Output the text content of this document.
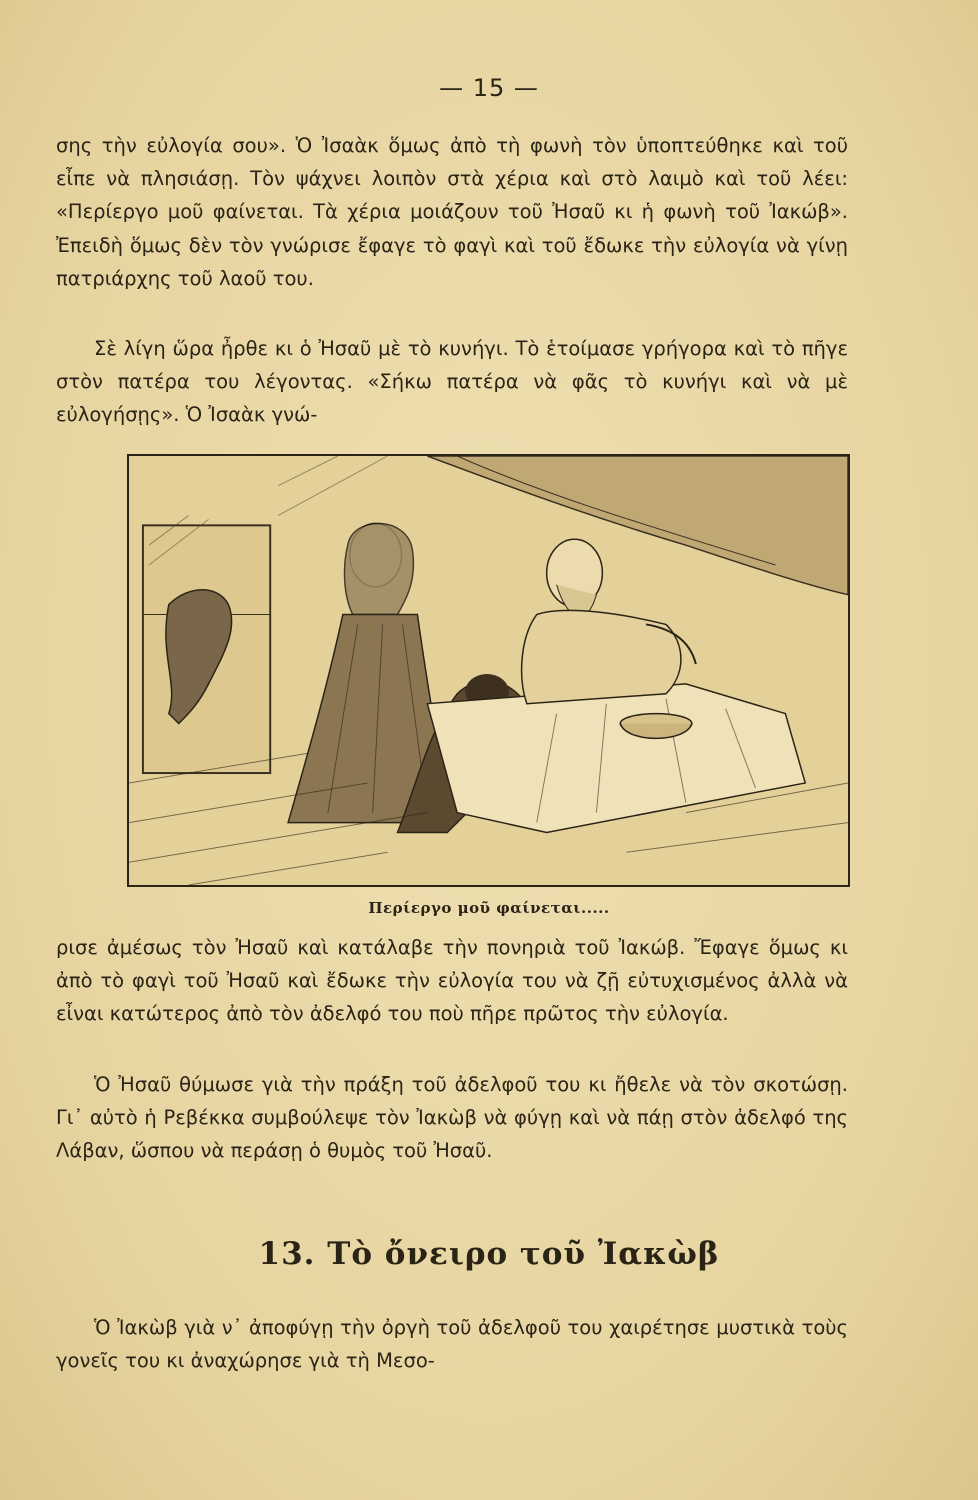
— 15 —

σης τὴν εὐλογία σου». Ὁ Ἰσαὰκ ὅμως ἀπὸ τὴ φωνὴ τὸν ὑποπτεύθηκε καὶ τοῦ εἶπε νὰ πλησιάσῃ. Τὸν ψάχνει λοιπὸν στὰ χέρια καὶ στὸ λαιμὸ καὶ τοῦ λέει: «Περίεργο μοῦ φαίνεται. Τὰ χέρια μοιάζουν τοῦ Ἠσαῦ κι ἡ φωνὴ τοῦ Ἰακώβ». Ἐπειδὴ ὅμως δὲν τὸν γνώρισε ἔφαγε τὸ φαγὶ καὶ τοῦ ἔδωκε τὴν εὐλογία νὰ γίνῃ πατριάρχης τοῦ λαοῦ του.

Σὲ λίγη ὥρα ἦρθε κι ὁ Ἠσαῦ μὲ τὸ κυνήγι. Τὸ ἑτοίμασε γρήγορα καὶ τὸ πῆγε στὸν πατέρα του λέγοντας. «Σήκω πατέρα νὰ φᾶς τὸ κυνήγι καὶ νὰ μὲ εὐλογήσῃς». Ὁ Ἰσαὰκ γνώ-

Περίεργο μοῦ φαίνεται.....

ρισε ἀμέσως τὸν Ἠσαῦ καὶ κατάλαβε τὴν πονηριὰ τοῦ Ἰακώβ. Ἔφαγε ὅμως κι ἀπὸ τὸ φαγὶ τοῦ Ἠσαῦ καὶ ἔδωκε τὴν εὐλογία του νὰ ζῇ εὐτυχισμένος ἀλλὰ νὰ εἶναι κατώτερος ἀπὸ τὸν ἀδελφό του ποὺ πῆρε πρῶτος τὴν εὐλογία.

Ὁ Ἠσαῦ θύμωσε γιὰ τὴν πράξη τοῦ ἀδελφοῦ του κι ἤθελε νὰ τὸν σκοτώσῃ. Γι᾽ αὐτὸ ἡ Ρεβέκκα συμβούλεψε τὸν Ἰακὼβ νὰ φύγῃ καὶ νὰ πάῃ στὸν ἀδελφό της Λάβαν, ὥσπου νὰ περάσῃ ὁ θυμὸς τοῦ Ἠσαῦ.

13. Τὸ ὄνειρο τοῦ Ἰακὼβ

Ὁ Ἰακὼβ γιὰ ν᾽ ἀποφύγῃ τὴν ὀργὴ τοῦ ἀδελφοῦ του χαιρέτησε μυστικὰ τοὺς γονεῖς του κι ἀναχώρησε γιὰ τὴ Μεσο-
